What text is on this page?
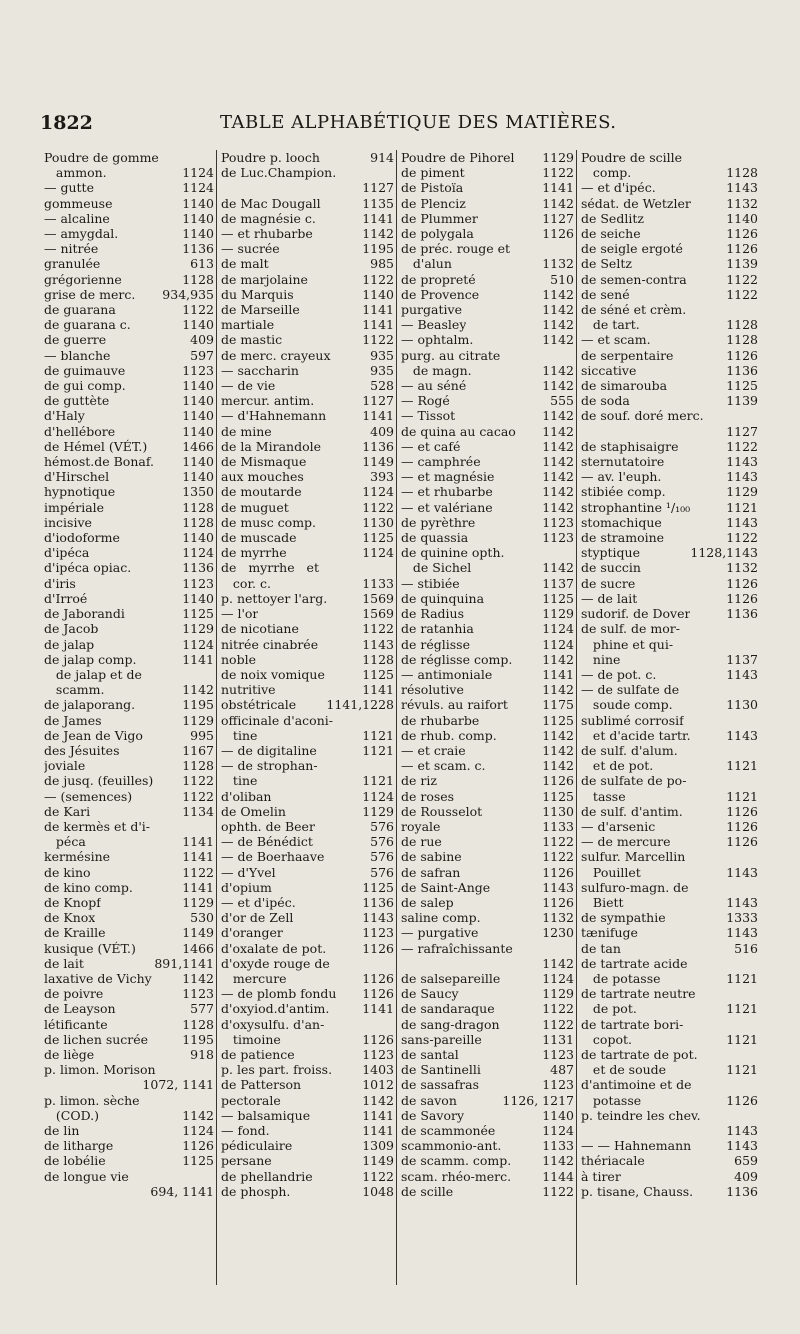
1822	TABLE ALPHABÉTIQUE DES MATIÈRES.
Poudre de gomme
ammon.	1124
— gutte	1124
gommeuse	1140
— alcaline	1140
— amygdal.	1140
— nitrée	1136
granulée	613
grégorienne	1128
grise de merc. 934,935
de guarana	1122
de guarana c.	1140
de guerre	409
— blanche	597
de guimauve	1123
de gui comp.	1140
de guttète	1140
d'Haly	1140
d'hellébore	1140
de Hémel (VÉT.)	1466
hémost.de Bonaf. 1140
d'Hirschel	1140
hypnotique	1350
impériale	1128
incisive	1128
d'iodoforme	1140
d'ipéca	1124
d'ipéca opiac.	1136
d'iris	1123
d'Irroé	1140
de Jaborandi	1125
de Jacob	1129
de jalap	1124
de jalap comp.	1141
de jalap et de
scamm.	1142
de jalaporang.	1195
de James	1129
de Jean de Vigo	995
des Jésuites	1167
joviale	1128
de jusq. (feuilles) 1122
— (semences)	1122
de Kari	1134
de kermès et d'i-
péca	1141
kermésine	1141
de kino	1122
de kino comp.	1141
de Knopf	1129
de Knox	530
de Kraille	1149
kusique (VÉT.)	1466
de lait	891,1141
laxative de Vichy 1142
de poivre	1123
de Leayson	577
létificante	1128
de lichen sucrée	1195
de liège	918
p. limon. Morison
1072, 1141
p. limon. sèche
(COD.)	1142
de lin	1124
de litharge	1126
de lobélie	1125
de longue vie
694, 1141
Poudre p. looch	914
de Luc.Champion.
1127
de Mac Dougall	1135
de magnésie c.	1141
— et rhubarbe	1142
— sucrée	1195
de malt	985
de marjolaine	1122
du Marquis	1140
de Marseille	1141
martiale	1141
de mastic	1122
de merc. crayeux	935
— saccharin	935
— de vie	528
mercur. antim.	1127
— d'Hahnemann	1141
de mine	409
de la Mirandole	1136
de Mismaque	1149
aux mouches	393
de moutarde	1124
de muguet	1122
de musc comp.	1130
de muscade	1125
de myrrhe	1124
de   myrrhe   et
cor. c.	1133
p. nettoyer l'arg.	1569
— l'or	1569
de nicotiane	1122
nitrée cinabrée	1143
noble	1128
de noix vomique	1125
nutritive	1141
obstétricale 1141,1228
officinale d'aconi-
tine	1121
— de digitaline	1121
— de strophan-
tine	1121
d'oliban	1124
de Omelin	1129
ophth. de Beer	576
— de Bénédict	576
— de Boerhaave	576
— d'Yvel	576
d'opium	1125
— et d'ipéc.	1136
d'or de Zell	1143
d'oranger	1123
d'oxalate de pot.	1126
d'oxyde rouge de
mercure	1126
— de plomb fondu 1126
d'oxyiod.d'antim.	1141
d'oxysulfu. d'an-
timoine	1126
de patience	1123
p. les part. froiss. 1403
de Patterson	1012
pectorale	1142
— balsamique	1141
— fond.	1141
pédiculaire	1309
persane	1149
de phellandrie	1122
de phosph.	1048
Poudre de Pihorel 1129
de piment	1122
de Pistoïa	1141
de Plenciz	1142
de Plummer	1127
de polygala	1126
de préc. rouge et
d'alun	1132
de propreté	510
de Provence	1142
purgative	1142
— Beasley	1142
— ophtalm.	1142
purg. au citrate
de magn.	1142
— au séné	1142
— Rogé	555
— Tissot	1142
de quina au cacao 1142
— et café	1142
— camphrée	1142
— et magnésie	1142
— et rhubarbe	1142
— et valériane	1142
de pyrèthre	1123
de quassia	1123
de quinine opth.
de Sichel	1142
— stibiée	1137
de quinquina	1125
de Radius	1129
de ratanhia	1124
de réglisse	1124
de réglisse comp. 1142
— antimoniale	1141
résolutive	1142
révuls. au raifort	1175
de rhubarbe	1125
de rhub. comp.	1142
— et craie	1142
— et scam. c.	1142
de riz	1126
de roses	1125
de Rousselot	1130
royale	1133
de rue	1122
de sabine	1122
de safran	1126
de Saint-Ange	1143
de salep	1126
saline comp.	1132
— purgative	1230
— rafraîchissante
1142
de salsepareille	1124
de Saucy	1129
de sandaraque	1122
de sang-dragon	1122
sans-pareille	1131
de santal	1123
de Santinelli	487
de sassafras	1123
de savon	1126, 1217
de Savory	1140
de scammonée	1124
scammonio-ant.	1133
de scamm. comp. 1142
scam. rhéo-merc. 1144
de scille	1122
Poudre de scille
comp.	1128
— et d'ipéc.	1143
sédat. de Wetzler	1132
de Sedlitz	1140
de seiche	1126
de seigle ergoté	1126
de Seltz	1139
de semen-contra	1122
de sené	1122
de séné et crèm.
de tart.	1128
— et scam.	1128
de serpentaire	1126
siccative	1136
de simarouba	1125
de soda	1139
de souf. doré merc.
1127
de staphisaigre	1122
sternutatoire	1143
— av. l'euph.	1143
stibiée comp.	1129
strophantine ¹/₁₀₀	1121
stomachique	1143
de stramoine	1122
styptique	1128,1143
de succin	1132
de sucre	1126
— de lait	1126
sudorif. de Dover	1136
de sulf. de mor-
phine et qui-
nine	1137
— de pot. c.	1143
— de sulfate de
soude comp.	1130
sublimé corrosif
et d'acide tartr.	1143
de sulf. d'alum.
et de pot.	1121
de sulfate de po-
tasse	1121
de sulf. d'antim.	1126
— d'arsenic	1126
— de mercure	1126
sulfur. Marcellin
Pouillet	1143
sulfuro-magn. de
Biett	1143
de sympathie	1333
tænifuge	1143
de tan	516
de tartrate acide
de potasse	1121
de tartrate neutre
de pot.	1121
de tartrate bori-
copot.	1121
de tartrate de pot.
et de soude	1121
d'antimoine et de
potasse	1126
p. teindre les chev.
1143
— — Hahnemann	1143
thériacale	659
à tirer	409
p. tisane, Chauss.	1136
